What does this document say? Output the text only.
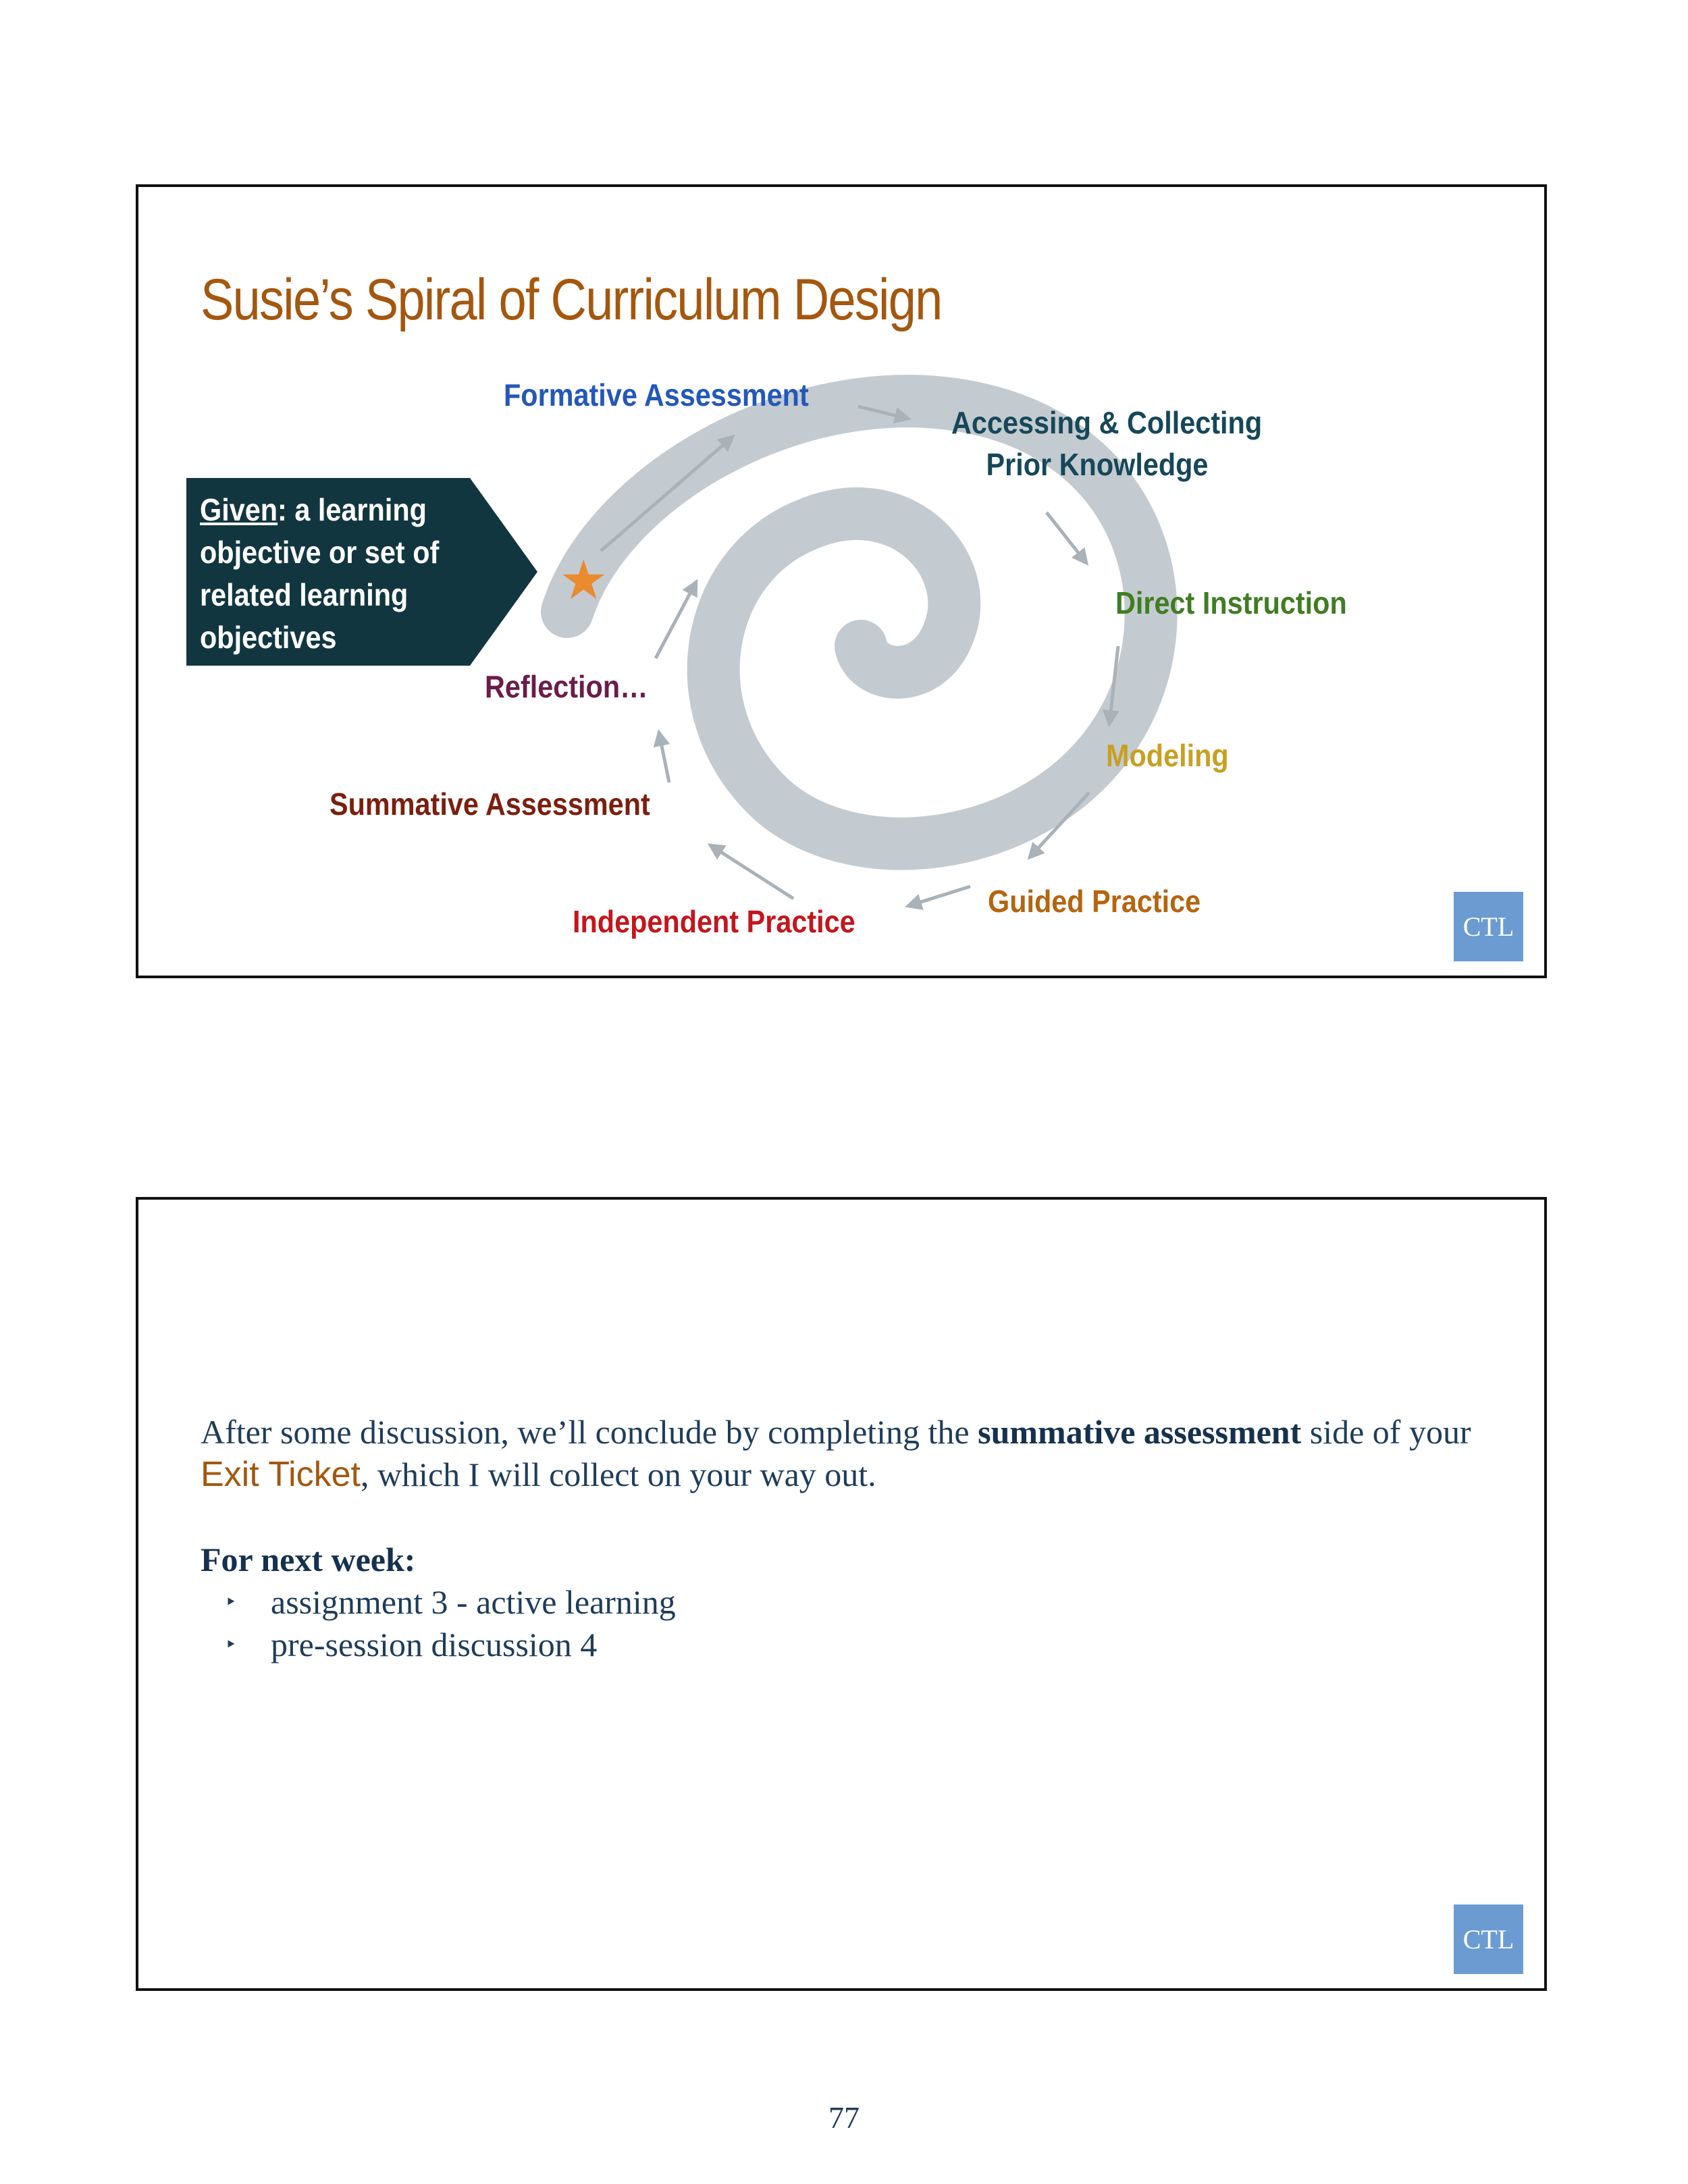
Susie’s Spiral of Curriculum Design
Given: a learning objective or set of related learning objectives
★
Formative Assessment
Accessing & Collecting
Prior Knowledge
Direct Instruction
Modeling
Guided Practice
Independent Practice
Summative Assessment
Reflection…
CTL

After some discussion, we’ll conclude by completing the summative assessment side of your Exit Ticket, which I will collect on your way out.

For next week:

‣ assignment 3 - active learning
‣ pre-session discussion 4
CTL
77
